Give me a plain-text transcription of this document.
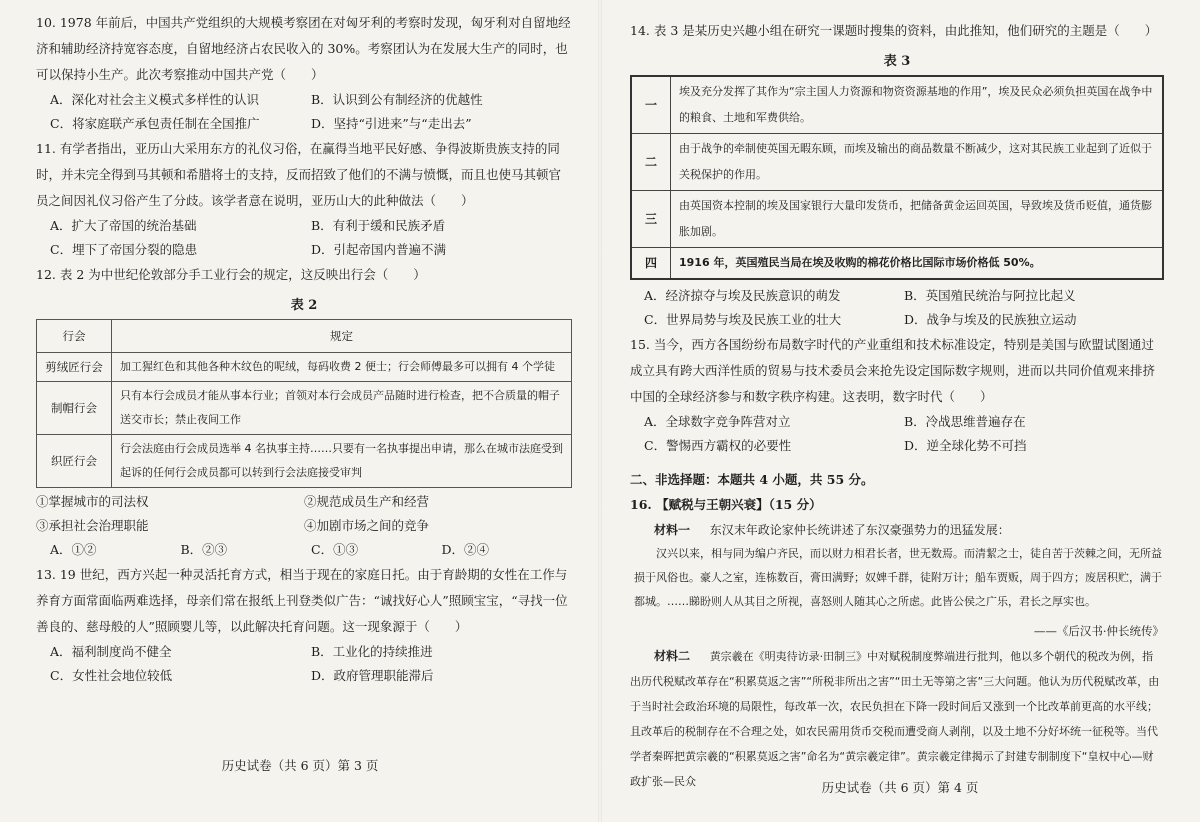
10. 1978 年前后，中国共产党组织的大规模考察团在对匈牙利的考察时发现，匈牙利对自留地经济和辅助经济持宽容态度，自留地经济占农民收入的 30%。考察团认为在发展大生产的同时，也可以保持小生产。此次考察推动中国共产党（　　）

A．深化对社会主义模式多样性的认识	B．认识到公有制经济的优越性
C．将家庭联产承包责任制在全国推广	D．坚持“引进来”与“走出去”

11. 有学者指出，亚历山大采用东方的礼仪习俗，在赢得当地平民好感、争得波斯贵族支持的同时，并未完全得到马其顿和希腊将士的支持，反而招致了他们的不满与愤慨，而且也使马其顿官员之间因礼仪习俗产生了分歧。该学者意在说明，亚历山大的此种做法（　　）

A．扩大了帝国的统治基础	B．有利于缓和民族矛盾
C．埋下了帝国分裂的隐患	D．引起帝国内普遍不满

12. 表 2 为中世纪伦敦部分手工业行会的规定，这反映出行会（　　）

表 2
行会	规定
剪绒匠行会	加工猩红色和其他各种木纹色的呢绒，每码收费 2 便士；行会师傅最多可以拥有 4 个学徒
制帽行会	只有本行会成员才能从事本行业；首领对本行会成员产品随时进行检查，把不合质量的帽子送交市长；禁止夜间工作
织匠行会	行会法庭由行会成员选举 4 名执事主持……只要有一名执事提出申请，那么在城市法庭受到起诉的任何行会成员都可以转到行会法庭接受审判
①掌握城市的司法权	②规范成员生产和经营
③承担社会治理职能	④加剧市场之间的竞争
A．①②	B．②③	C．①③	D．②④

13. 19 世纪，西方兴起一种灵活托育方式，相当于现在的家庭日托。由于育龄期的女性在工作与养育方面常面临两难选择，母亲们常在报纸上刊登类似广告：“诚找好心人”照顾宝宝，“寻找一位善良的、慈母般的人”照顾婴儿等，以此解决托育问题。这一现象源于（　　）

A．福利制度尚不健全	B．工业化的持续推进
C．女性社会地位较低	D．政府管理职能滞后
历史试卷（共 6 页）第 3 页

14. 表 3 是某历史兴趣小组在研究一课题时搜集的资料，由此推知，他们研究的主题是（　　）

表 3
一	埃及充分发挥了其作为“宗主国人力资源和物资资源基地的作用”，埃及民众必须负担英国在战争中的粮食、土地和军费供给。
二	由于战争的牵制使英国无暇东顾，而埃及输出的商品数量不断减少，这对其民族工业起到了近似于关税保护的作用。
三	由英国资本控制的埃及国家银行大量印发货币，把储备黄金运回英国，导致埃及货币贬值，通货膨胀加剧。
四	1916 年，英国殖民当局在埃及收购的棉花价格比国际市场价格低 50%。
A．经济掠夺与埃及民族意识的萌发	B．英国殖民统治与阿拉比起义
C．世界局势与埃及民族工业的壮大	D．战争与埃及的民族独立运动

15. 当今，西方各国纷纷布局数字时代的产业重组和技术标准设定，特别是美国与欧盟试图通过成立具有跨大西洋性质的贸易与技术委员会来抢先设定国际数字规则，进而以共同价值观来排挤中国的全球经济参与和数字秩序构建。这表明，数字时代（　　）

A．全球数字竞争阵营对立	B．冷战思维普遍存在
C．警惕西方霸权的必要性	D．逆全球化势不可挡

二、非选择题：本题共 4 小题，共 55 分。

16. 【赋税与王朝兴衰】（15 分）

材料一 　 东汉末年政论家仲长统讲述了东汉豪强势力的迅猛发展：

汉兴以来，相与同为编户齐民，而以财力相君长者，世无数焉。而清絜之士，徒自苦于茨棘之间，无所益损于风俗也。豪人之室，连栋数百，膏田满野；奴婢千群，徒附万计；船车贾贩，周于四方；废居积贮，满于都城。……睇盼则人从其目之所视，喜怒则人随其心之所虑。此皆公侯之广乐，君长之厚实也。

——《后汉书·仲长统传》

材料二 　 黄宗羲在《明夷待访录·田制三》中对赋税制度弊端进行批判，他以多个朝代的税改为例，指出历代税赋改革存在“积累莫返之害”“所税非所出之害”“田土无等第之害”三大问题。他认为历代税赋改革，由于当时社会政治环境的局限性，每改革一次，农民负担在下降一段时间后又涨到一个比改革前更高的水平线；且改革后的税制存在不合理之处，如农民需用货币交税而遭受商人剥削，以及土地不分好坏统一征税等。当代学者秦晖把黄宗羲的“积累莫返之害”命名为“黄宗羲定律”。黄宗羲定律揭示了封建专制制度下“皇权中心—财政扩张—民众	历史试卷（共 6 页）第 4 页
